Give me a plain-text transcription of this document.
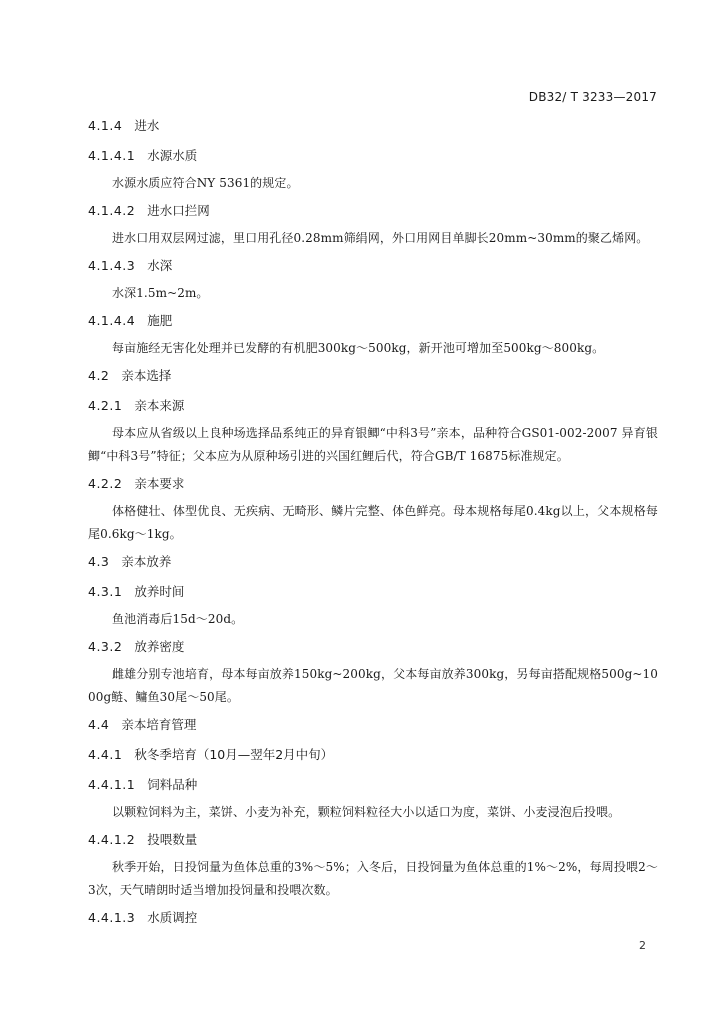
DB32/ T 3233—2017
4.1.4 进水
4.1.4.1 水源水质

水源水质应符合NY 5361的规定。

4.1.4.2 进水口拦网

进水口用双层网过滤，里口用孔径0.28mm筛绢网，外口用网目单脚长20mm~30mm的聚乙烯网。

4.1.4.3 水深

水深1.5m~2m。

4.1.4.4 施肥

每亩施经无害化处理并已发酵的有机肥300kg～500kg，新开池可增加至500kg～800kg。

4.2 亲本选择
4.2.1 亲本来源

母本应从省级以上良种场选择品系纯正的异育银鲫“中科3号”亲本，品种符合GS01-002-2007 异育银鲫“中科3号”特征；父本应为从原种场引进的兴国红鲤后代，符合GB/T 16875标准规定。

4.2.2 亲本要求

体格健壮、体型优良、无疾病、无畸形、鳞片完整、体色鲜亮。母本规格每尾0.4kg以上，父本规格每尾0.6kg～1kg。

4.3 亲本放养
4.3.1 放养时间

鱼池消毒后15d～20d。

4.3.2 放养密度

雌雄分别专池培育，母本每亩放养150kg~200kg，父本每亩放养300kg，另每亩搭配规格500g~1000g鲢、鳙鱼30尾～50尾。

4.4 亲本培育管理
4.4.1 秋冬季培育（10月—翌年2月中旬）
4.4.1.1 饲料品种

以颗粒饲料为主，菜饼、小麦为补充，颗粒饲料粒径大小以适口为度，菜饼、小麦浸泡后投喂。

4.4.1.2 投喂数量

秋季开始，日投饲量为鱼体总重的3%～5%；入冬后，日投饲量为鱼体总重的1%～2%，每周投喂2～3次，天气晴朗时适当增加投饲量和投喂次数。

4.4.1.3 水质调控
2
